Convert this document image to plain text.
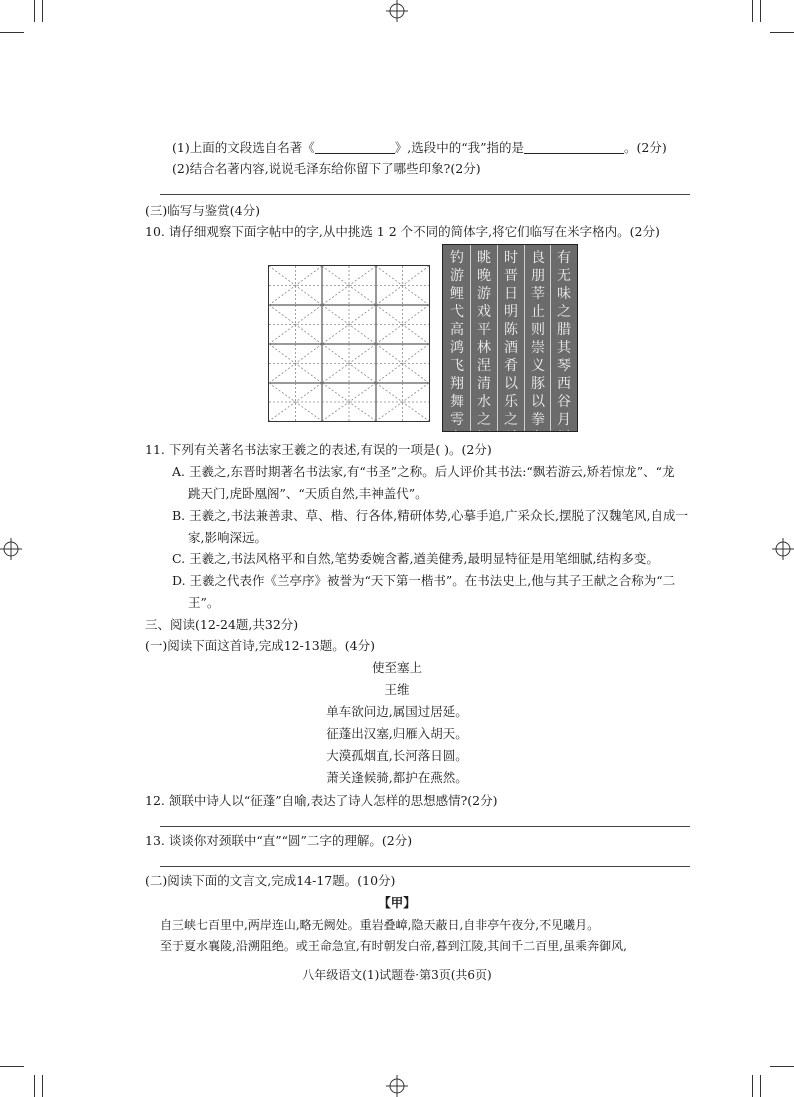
(1)上面的文段选自名著《	》,选段中的“我”指的是	。(2分)
(2)结合名著内容,说说毛泽东给你留下了哪些印象?(2分)
(三)临写与鉴赏(4分)
10. 请仔细观察下面字帖中的字,从中挑选 1 2 个不同的简体字,将它们临写在米字格内。(2分)
钓游鲤弋高鸿飞翔舞雩
眺晚游戏平林涅清水之
时晋日明陈酒肴以乐之
良朋莘止则崇义豚以拳
有无味之腊其琴西谷月
11. 下列有关著名书法家王羲之的表述,有误的一项是( )。(2分)
A. 王羲之,东晋时期著名书法家,有“书圣”之称。后人评价其书法:“飘若游云,矫若惊龙”、“龙
跳天门,虎卧凰阁”、“天质自然,丰神盖代”。
B. 王羲之,书法兼善隶、草、楷、行各体,精研体势,心摹手追,广采众长,摆脱了汉魏笔风,自成一
家,影响深远。
C. 王羲之,书法风格平和自然,笔势委婉含蓄,遒美健秀,最明显特征是用笔细腻,结构多变。
D. 王羲之代表作《兰亭序》被誉为“天下第一楷书”。在书法史上,他与其子王献之合称为“二
王”。
三、阅读(12-24题,共32分)
(一)阅读下面这首诗,完成12-13题。(4分)
使至塞上
王维
单车欲问边,属国过居延。
征蓬出汉塞,归雁入胡天。
大漠孤烟直,长河落日圆。
萧关逢候骑,都护在燕然。
12. 颔联中诗人以“征蓬”自喻,表达了诗人怎样的思想感情?(2分)
13. 谈谈你对颈联中“直”“圆”二字的理解。(2分)
(二)阅读下面的文言文,完成14-17题。(10分)
【甲】
自三峡七百里中,两岸连山,略无阙处。重岩叠嶂,隐天蔽日,自非亭午夜分,不见曦月。
至于夏水襄陵,沿溯阻绝。或王命急宣,有时朝发白帝,暮到江陵,其间千二百里,虽乘奔御风,
八年级语文(1)试题卷·第3页(共6页)
